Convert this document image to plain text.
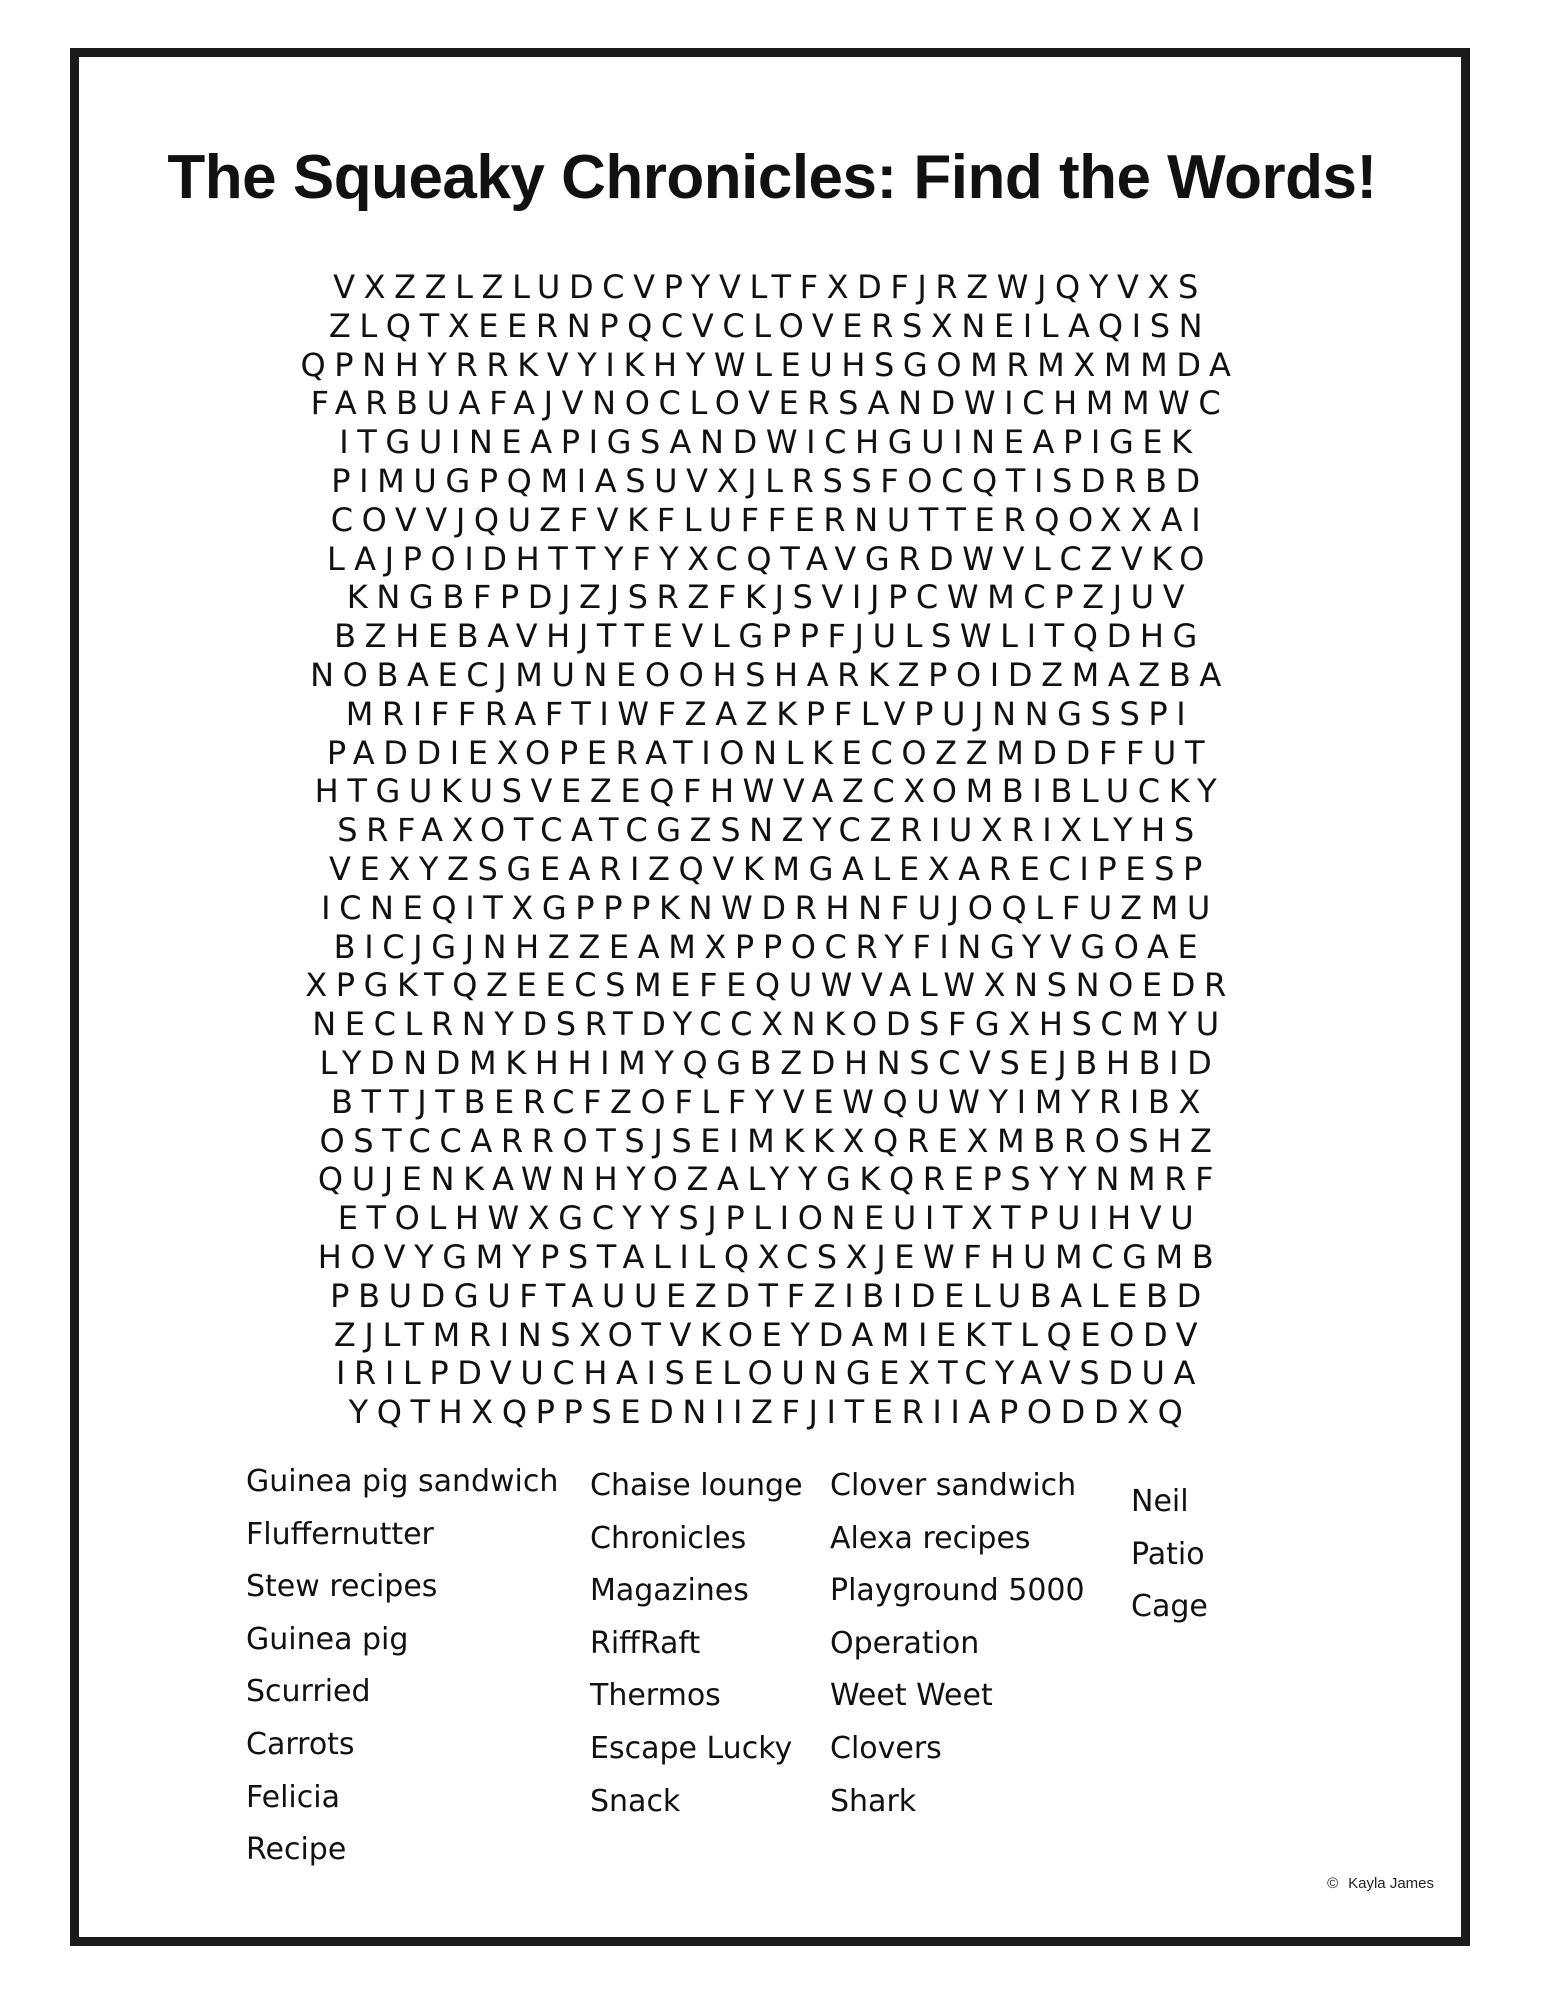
The Squeaky Chronicles: Find the Words!
VXZZLZLUDCVPYVLTFXDFJRZWJQYVXS
ZLQTXEERNPQCVCLOVERSXNEILAQISN
QPNHYRRKVYIKHYWLEUHSGOMRMXMMDA
FARBUAFAJVNOCLOVERSANDWICHMMWC
ITGUINEAPIGSANDWICHGUINEAPIGEK
PIMUGPQMIASUVXJLRSSFOCQTISDRBD
COVVJQUZFVKFLUFFERNUTTERQOXXAI
LAJPOIDHTTYFYXCQTAVGRDWVLCZVKO
KNGBFPDJZJSRZFKJSVIJPCWMCPZJUV
BZHEBAVHJTTEVLGPPFJULSWLITQDHG
NOBAECJMUNEOOHSHARKZPOIDZMAZBA
MRIFFRAFTIWFZAZKPFLVPUJNNGSSPI
PADDIEXOPERATIONLKECOZZMDDFFUT
HTGUKUSVEZEQFHWVAZCXOMBIBLUCKY
SRFAXOTCATCGZSNZYCZRIUXRIXLYHS
VEXYZSGEARIZQVKMGALEXARECIPESP
ICNEQITXGPPPKNWDRHNFUJOQLFUZMU
BICJGJNHZZEAMXPPOCRYFINGYVGOAE
XPGKTQZEECSMEFEQUWVALWXNSNOEDR
NECLRNYDSRTDYCCXNKODSFGXHSCMYU
LYDNDMKHHIMYQGBZDHNSCVSEJBHBID
BTTJTBERCFZOFLFYVEWQUWYIMYRIBX
OSTCCARROTSJSEIMKKXQREXMBROSHZ
QUJENKAWNHYOZALYYGKQREPSYYNMRF
ETOLHWXGCYYSJPLIONEUITXTPUIHVU
HOVYGMYPSTALILQXCSXJEWFHUMCGMB
PBUDGUFTAUUEZDTFZIBIDELUBALEBD
ZJLTMRINSXOTVKOEYDAMIEKTLQEODV
IRILPDVUCHAISELOUNGEXTCYAVSDUA
YQTHXQPPSEDNIIZFJITERIIAPODDXQ
Guinea pig sandwich
Fluffernutter
Stew recipes
Guinea pig
Scurried
Carrots
Felicia
Recipe
Chaise lounge
Chronicles
Magazines
RiffRaft
Thermos
Escape Lucky
Snack
Clover sandwich
Alexa recipes
Playground 5000
Operation
Weet Weet
Clovers
Shark
Neil
Patio
Cage
© Kayla James
